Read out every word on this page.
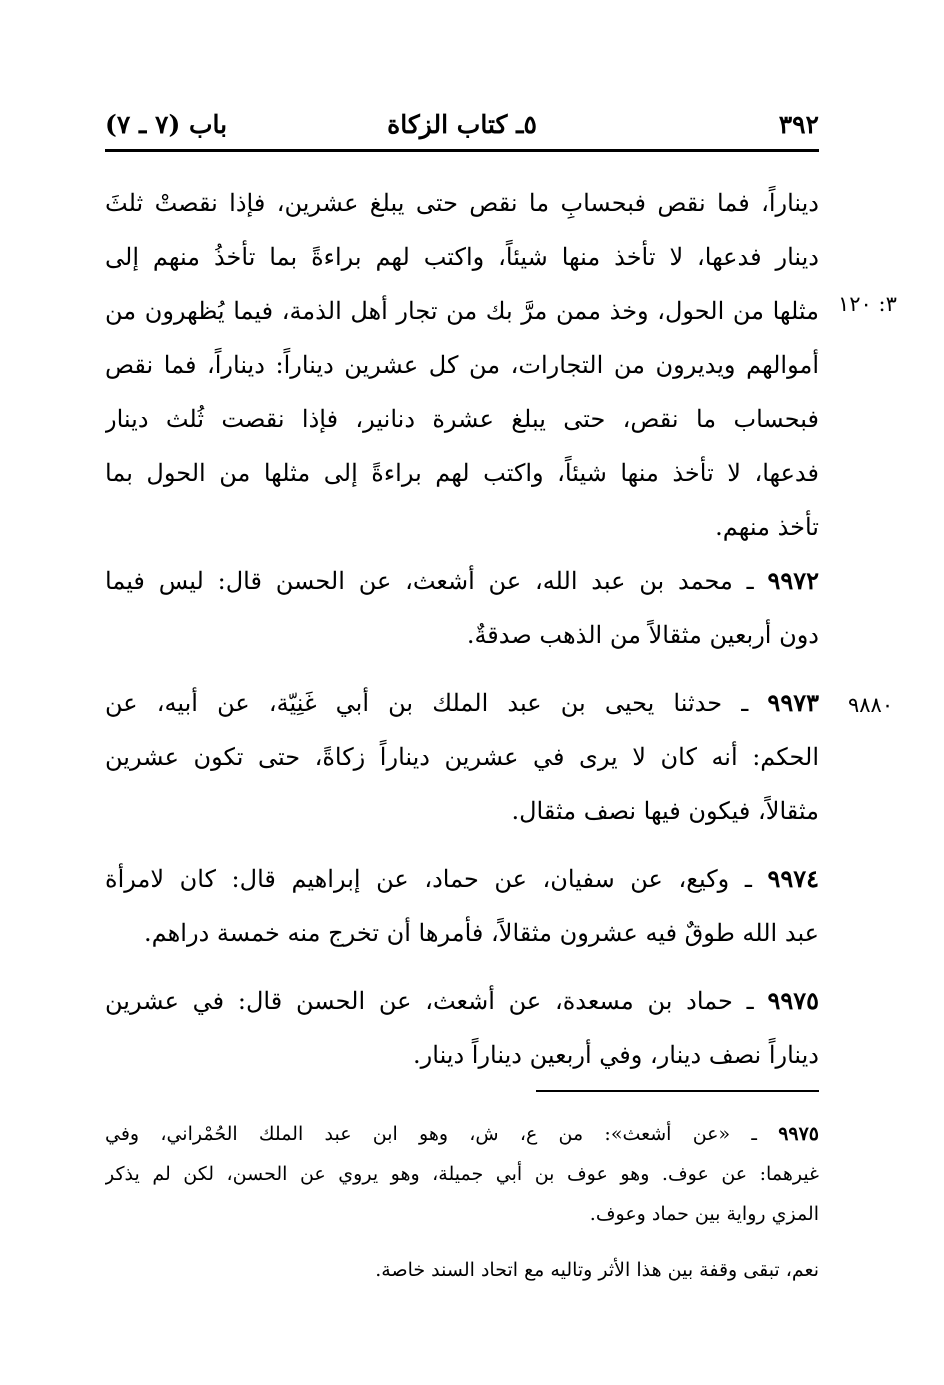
٣٩٢
٥ـ كتاب الزكاة
باب (٧ ـ ٧)
٣: ١٢٠
٩٨٨٠
ديناراً، فما نقص فبحسابِ ما نقص حتى يبلغ عشرين، فإذا نقصتْ ثلثَ
دينار فدعها، لا تأخذ منها شيئاً، واكتب لهم براءةً بما تأخذُ منهم إلى
مثلها من الحول، وخذ ممن مرَّ بك من تجار أهل الذمة، فيما يُظهرون من
أموالهم ويديرون من التجارات، من كل عشرين ديناراً: ديناراً، فما نقص
فبحساب ما نقص، حتى يبلغ عشرة دنانير، فإذا نقصت ثُلث دينار
فدعها، لا تأخذ منها شيئاً، واكتب لهم براءةً إلى مثلها من الحول بما
تأخذ منهم.
٩٩٧٢ ـ محمد بن عبد الله، عن أشعث، عن الحسن قال: ليس فيما
دون أربعين مثقالاً من الذهب صدقةٌ.
٩٩٧٣ ـ حدثنا يحيى بن عبد الملك بن أبي غَنِيّة، عن أبيه، عن
الحكم: أنه كان لا يرى في عشرين ديناراً زكاةً، حتى تكون عشرين
مثقالاً، فيكون فيها نصف مثقال.
٩٩٧٤ ـ وكيع، عن سفيان، عن حماد، عن إبراهيم قال: كان لامرأة
عبد الله طوقٌ فيه عشرون مثقالاً، فأمرها أن تخرج منه خمسة دراهم.
٩٩٧٥ ـ حماد بن مسعدة، عن أشعث، عن الحسن قال: في عشرين
ديناراً نصف دينار، وفي أربعين ديناراً دينار.
٩٩٧٥ ـ «عن أشعث»: من ع، ش، وهو ابن عبد الملك الحُمْراني، وفي
غيرهما: عن عوف. وهو عوف بن أبي جميلة، وهو يروي عن الحسن، لكن لم يذكر
المزي رواية بين حماد وعوف.
نعم، تبقى وقفة بين هذا الأثر وتاليه مع اتحاد السند خاصة.
